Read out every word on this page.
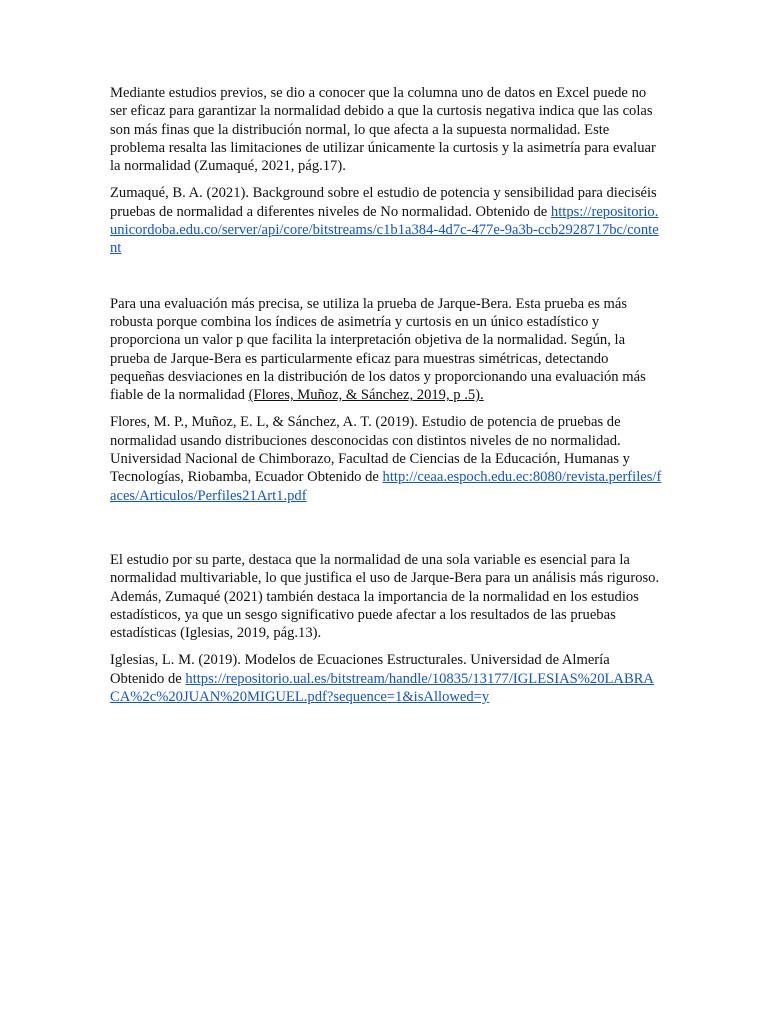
Mediante estudios previos, se dio a conocer que la columna uno de datos en Excel puede no ser eficaz para garantizar la normalidad debido a que la curtosis negativa indica que las colas son más finas que la distribución normal, lo que afecta a la supuesta normalidad. Este problema resalta las limitaciones de utilizar únicamente la curtosis y la asimetría para evaluar la normalidad (Zumaqué, 2021, pág.17).

Zumaqué, B. A. (2021). Background sobre el estudio de potencia y sensibilidad para dieciséis pruebas de normalidad a diferentes niveles de No normalidad. Obtenido de https://repositorio.unicordoba.edu.co/server/api/core/bitstreams/c1b1a384-4d7c-477e-9a3b-ccb2928717bc/content

Para una evaluación más precisa, se utiliza la prueba de Jarque-Bera. Esta prueba es más robusta porque combina los índices de asimetría y curtosis en un único estadístico y proporciona un valor p que facilita la interpretación objetiva de la normalidad. Según, la prueba de Jarque-Bera es particularmente eficaz para muestras simétricas, detectando pequeñas desviaciones en la distribución de los datos y proporcionando una evaluación más fiable de la normalidad (Flores, Muñoz, & Sánchez, 2019, p .5).

Flores, M. P., Muñoz, E. L, & Sánchez, A. T. (2019). Estudio de potencia de pruebas de normalidad usando distribuciones desconocidas con distintos niveles de no normalidad. Universidad Nacional de Chimborazo, Facultad de Ciencias de la Educación, Humanas y Tecnologías, Riobamba, Ecuador Obtenido de http://ceaa.espoch.edu.ec:8080/revista.perfiles/faces/Articulos/Perfiles21Art1.pdf

El estudio por su parte, destaca que la normalidad de una sola variable es esencial para la normalidad multivariable, lo que justifica el uso de Jarque-Bera para un análisis más riguroso. Además, Zumaqué (2021) también destaca la importancia de la normalidad en los estudios estadísticos, ya que un sesgo significativo puede afectar a los resultados de las pruebas estadísticas (Iglesias, 2019, pág.13).

Iglesias, L. M. (2019). Modelos de Ecuaciones Estructurales. Universidad de Almería Obtenido de https://repositorio.ual.es/bitstream/handle/10835/13177/IGLESIAS%20LABRACA%2c%20JUAN%20MIGUEL.pdf?sequence=1&isAllowed=y
